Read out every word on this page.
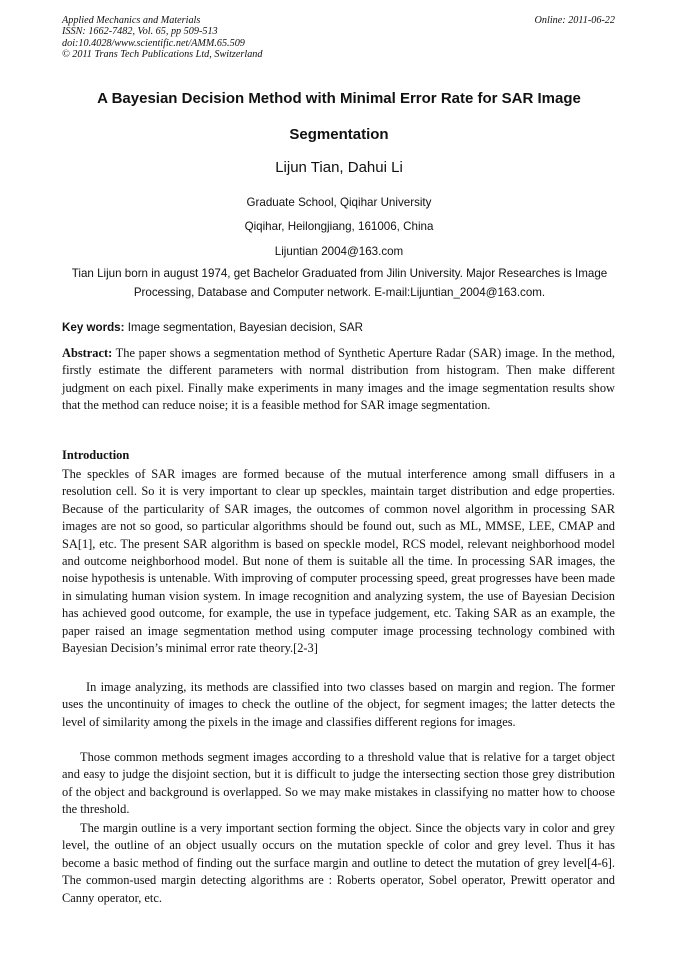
Applied Mechanics and Materials
ISSN: 1662-7482, Vol. 65, pp 509-513
doi:10.4028/www.scientific.net/AMM.65.509
© 2011 Trans Tech Publications Ltd, Switzerland
Online: 2011-06-22
A Bayesian Decision Method with Minimal Error Rate for SAR Image
Segmentation
Lijun Tian, Dahui Li
Graduate School, Qiqihar University
Qiqihar, Heilongjiang, 161006, China
Lijuntian 2004@163.com
Tian Lijun born in august 1974, get Bachelor Graduated from Jilin University. Major Researches is Image Processing, Database and Computer network. E-mail:Lijuntian_2004@163.com.
Key words: Image segmentation, Bayesian decision, SAR
Abstract: The paper shows a segmentation method of Synthetic Aperture Radar (SAR) image. In the method, firstly estimate the different parameters with normal distribution from histogram. Then make different judgment on each pixel. Finally make experiments in many images and the image segmentation results show that the method can reduce noise; it is a feasible method for SAR image segmentation.
Introduction
The speckles of SAR images are formed because of the mutual interference among small diffusers in a resolution cell. So it is very important to clear up speckles, maintain target distribution and edge properties. Because of the particularity of SAR images, the outcomes of common novel algorithm in processing SAR images are not so good, so particular algorithms should be found out, such as ML, MMSE, LEE, CMAP and SA[1], etc. The present SAR algorithm is based on speckle model, RCS model, relevant neighborhood model and outcome neighborhood model. But none of them is suitable all the time. In processing SAR images, the noise hypothesis is untenable. With improving of computer processing speed, great progresses have been made in simulating human vision system. In image recognition and analyzing system, the use of Bayesian Decision has achieved good outcome, for example, the use in typeface judgement, etc. Taking SAR as an example, the paper raised an image segmentation method using computer image processing technology combined with Bayesian Decision’s minimal error rate theory.[2-3]
In image analyzing, its methods are classified into two classes based on margin and region. The former uses the uncontinuity of images to check the outline of the object, for segment images; the latter detects the level of similarity among the pixels in the image and classifies different regions for images.
Those common methods segment images according to a threshold value that is relative for a target object and easy to judge the disjoint section, but it is difficult to judge the intersecting section those grey distribution of the object and background is overlapped. So we may make mistakes in classifying no matter how to choose the threshold.
The margin outline is a very important section forming the object. Since the objects vary in color and grey level, the outline of an object usually occurs on the mutation speckle of color and grey level. Thus it has become a basic method of finding out the surface margin and outline to detect the mutation of grey level[4-6]. The common-used margin detecting algorithms are : Roberts operator, Sobel operator, Prewitt operator and Canny operator, etc.
